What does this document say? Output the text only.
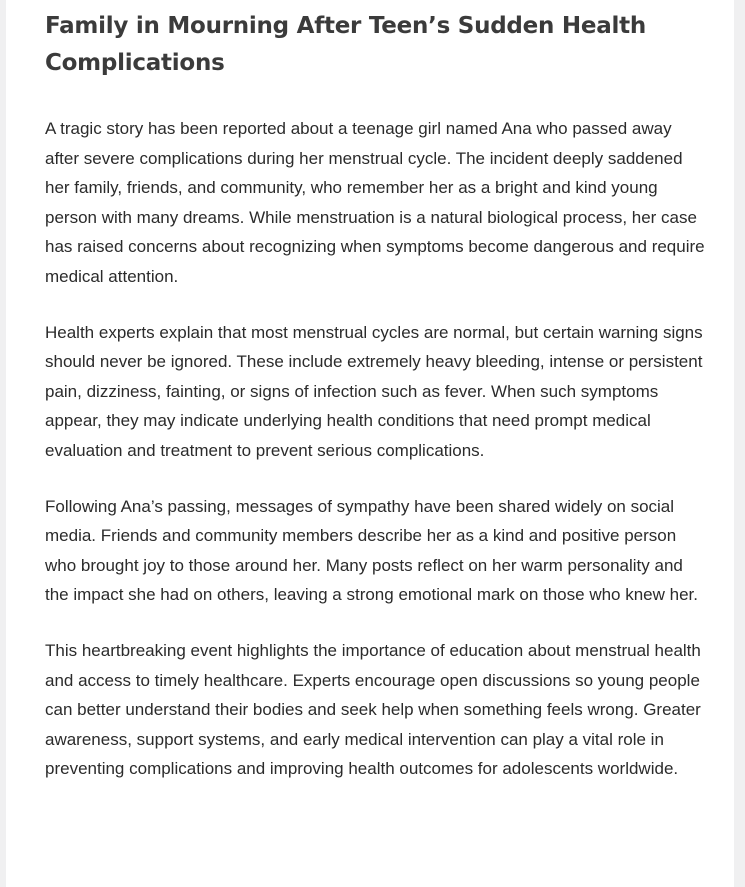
Family in Mourning After Teen’s Sudden Health Complications

A tragic story has been reported about a teenage girl named Ana who passed away after severe complications during her menstrual cycle. The incident deeply saddened her family, friends, and community, who remember her as a bright and kind young person with many dreams. While menstruation is a natural biological process, her case has raised concerns about recognizing when symptoms become dangerous and require medical attention.

Health experts explain that most menstrual cycles are normal, but certain warning signs should never be ignored. These include extremely heavy bleeding, intense or persistent pain, dizziness, fainting, or signs of infection such as fever. When such symptoms appear, they may indicate underlying health conditions that need prompt medical evaluation and treatment to prevent serious complications.

Following Ana’s passing, messages of sympathy have been shared widely on social media. Friends and community members describe her as a kind and positive person who brought joy to those around her. Many posts reflect on her warm personality and the impact she had on others, leaving a strong emotional mark on those who knew her.

This heartbreaking event highlights the importance of education about menstrual health and access to timely healthcare. Experts encourage open discussions so young people can better understand their bodies and seek help when something feels wrong. Greater awareness, support systems, and early medical intervention can play a vital role in preventing complications and improving health outcomes for adolescents worldwide.
